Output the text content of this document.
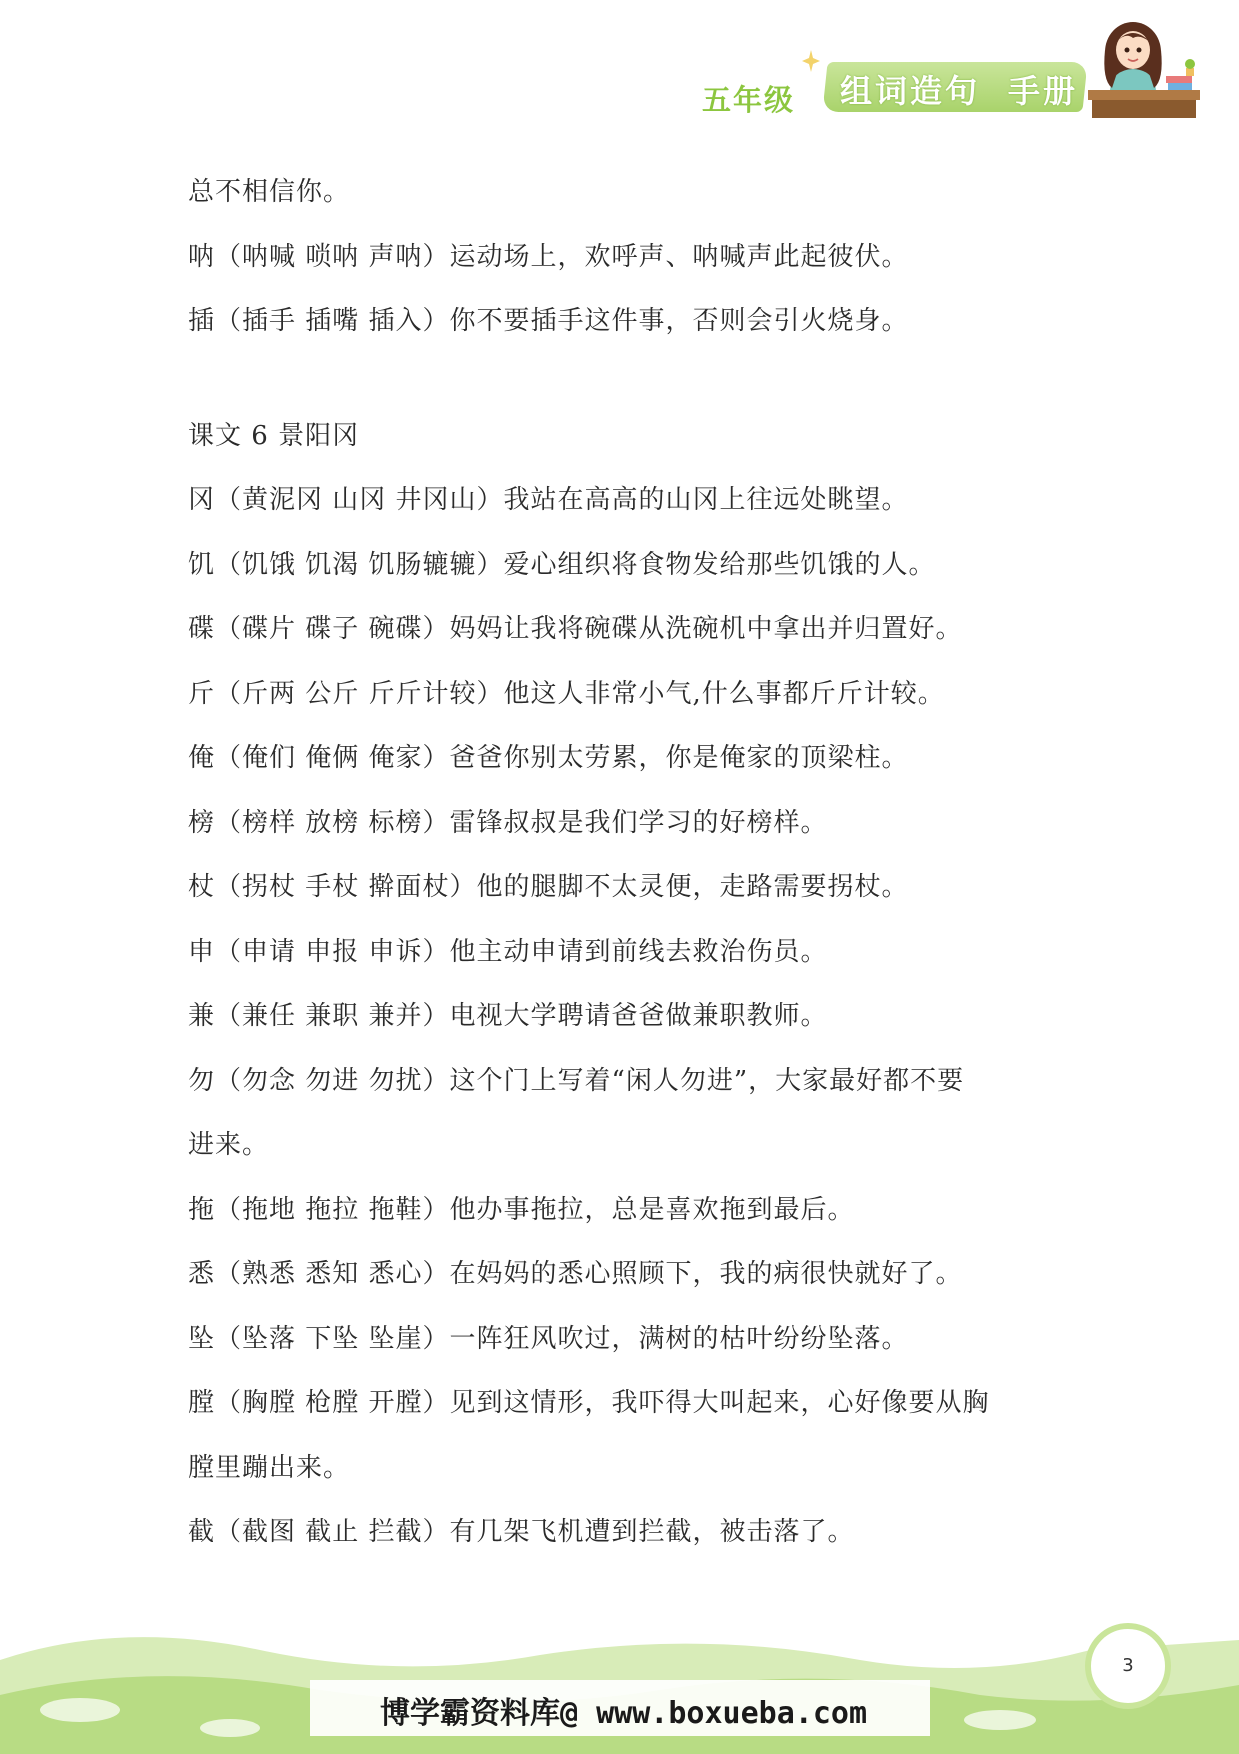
五年级 组词造句 手册
总不相信你。
呐（呐喊 唢呐 声呐）运动场上，欢呼声、呐喊声此起彼伏。
插（插手 插嘴 插入）你不要插手这件事，否则会引火烧身。
课文 6 景阳冈
冈（黄泥冈 山冈 井冈山）我站在高高的山冈上往远处眺望。
饥（饥饿 饥渴 饥肠辘辘）爱心组织将食物发给那些饥饿的人。
碟（碟片 碟子 碗碟）妈妈让我将碗碟从洗碗机中拿出并归置好。
斤（斤两 公斤 斤斤计较）他这人非常小气,什么事都斤斤计较。
俺（俺们 俺俩 俺家）爸爸你别太劳累，你是俺家的顶梁柱。
榜（榜样 放榜 标榜）雷锋叔叔是我们学习的好榜样。
杖（拐杖 手杖 擀面杖）他的腿脚不太灵便，走路需要拐杖。
申（申请 申报 申诉）他主动申请到前线去救治伤员。
兼（兼任 兼职 兼并）电视大学聘请爸爸做兼职教师。
勿（勿念 勿进 勿扰）这个门上写着“闲人勿进”，大家最好都不要
进来。
拖（拖地 拖拉 拖鞋）他办事拖拉，总是喜欢拖到最后。
悉（熟悉 悉知 悉心）在妈妈的悉心照顾下，我的病很快就好了。
坠（坠落 下坠 坠崖）一阵狂风吹过，满树的枯叶纷纷坠落。
膛（胸膛 枪膛 开膛）见到这情形，我吓得大叫起来，心好像要从胸
膛里蹦出来。
截（截图 截止 拦截）有几架飞机遭到拦截，被击落了。
3
博学霸资料库@ www.boxueba.com
